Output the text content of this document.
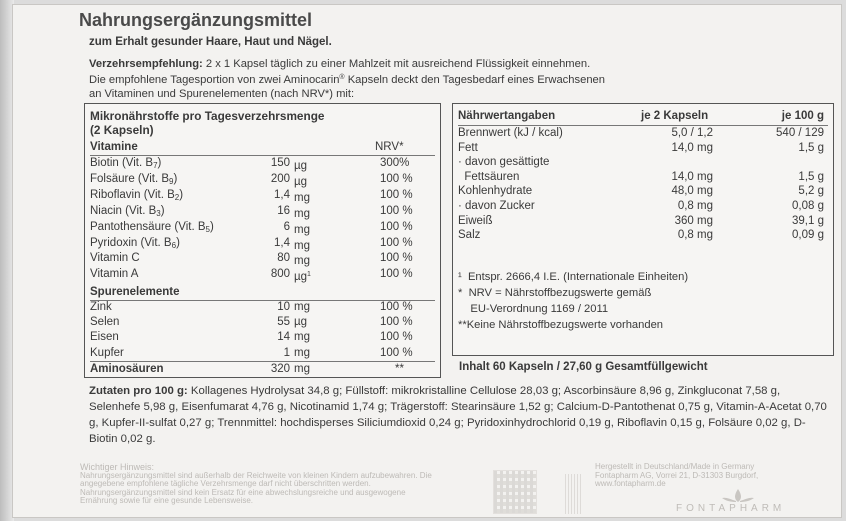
Nahrungsergänzungsmittel
zum Erhalt gesunder Haare, Haut und Nägel.
Verzehrsempfehlung: 2 x 1 Kapsel täglich zu einer Mahlzeit mit ausreichend Flüssigkeit einnehmen.
Die empfohlene Tagesportion von zwei Aminocarin® Kapseln deckt den Tagesbedarf eines Erwachsenen
an Vitaminen und Spurenelementen (nach NRV*) mit:
Mikronährstoffe pro Tagesverzehrsmenge
(2 Kapseln)
Vitamine	NRV*
Biotin (Vit. $B_7$)	150 µg	300%
Folsäure (Vit. $B_9$)	200 µg	100 %
Riboflavin (Vit. $B_2$)	1,4 mg	100 %
Niacin (Vit. $B_3$)	16 mg	100 %
Pantothensäure (Vit. $B_5$)	6 mg	100 %
Pyridoxin (Vit. $B_6$)	1,4 mg	100 %
Vitamin C	80 mg	100 %
Vitamin A	800 µg$^1$	100 %
Spurenelemente
Zink	10 mg	100 %
Selen	55 µg	100 %
Eisen	14 mg	100 %
Kupfer	1 mg	100 %
Aminosäuren	320 mg	**
Nährwertangaben	je 2 Kapseln	je 100 g
Brennwert (kJ / kcal)	5,0 / 1,2	540 / 129
Fett	14,0 mg	1,5 g
· davon gesättigte
Fettsäuren	14,0 mg	1,5 g
Kohlenhydrate	48,0 mg	5,2 g
· davon Zucker	0,8 mg	0,08 g
Eiweiß	360 mg	39,1 g
Salz	0,8 mg	0,09 g
¹  Entspr. 2666,4 I.E. (Internationale Einheiten)
*  NRV = Nährstoffbezugswerte gemäß
EU-Verordnung 1169 / 2011
**Keine Nährstoffbezugswerte vorhanden
Inhalt 60 Kapseln / 27,60 g Gesamtfüllgewicht
Zutaten pro 100 g: Kollagenes Hydrolysat 34,8 g; Füllstoff: mikrokristalline Cellulose 28,03 g; Ascorbinsäure 8,96 g, Zinkgluconat 7,58 g, Selenhefe 5,98 g, Eisenfumarat 4,76 g, Nicotinamid 1,74 g; Trägerstoff: Stearinsäure 1,52 g; Calcium-D-Pantothenat 0,75 g, Vitamin-A-Acetat 0,70 g, Kupfer-II-sulfat 0,27 g; Trennmittel: hochdisperses Siliciumdioxid 0,24 g; Pyridoxinhydrochlorid 0,19 g, Riboflavin 0,15 g, Folsäure 0,02 g, D-Biotin 0,02 g.
Wichtiger Hinweis:
Nahrungsergänzungsmittel sind außerhalb der Reichweite von kleinen Kindern aufzubewahren. Die angegebene empfohlene tägliche Verzehrsmenge darf nicht überschritten werden. Nahrungsergänzungsmittel sind kein Ersatz für eine abwechslungsreiche und ausgewogene Ernährung sowie für eine gesunde Lebensweise.
Hergestellt in Deutschland/Made in Germany
Fontapharm AG, Vorrei 21, D-31303 Burgdorf,
www.fontapharm.de
FONTAPHARM
